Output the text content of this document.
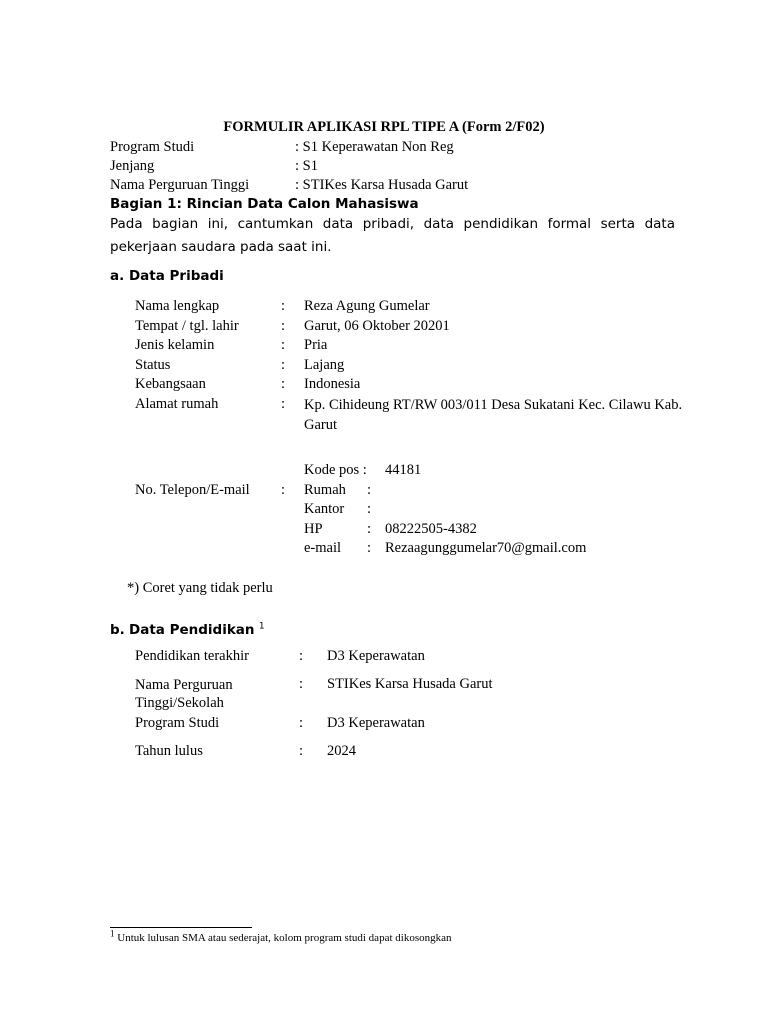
FORMULIR APLIKASI RPL TIPE A (Form 2/F02)
Program Studi	: S1 Keperawatan Non Reg
Jenjang	: S1
Nama Perguruan Tinggi	: STIKes Karsa Husada Garut
Bagian 1: Rincian Data Calon Mahasiswa
Pada bagian ini, cantumkan data pribadi, data pendidikan formal serta data pekerjaan saudara pada saat ini.
a. Data Pribadi
Nama lengkap	: Reza Agung Gumelar
Tempat / tgl. lahir	: Garut, 06 Oktober 20201
Jenis kelamin	: Pria
Status	: Lajang
Kebangsaan	: Indonesia
Alamat rumah	: Kp. Cihideung RT/RW 003/011 Desa Sukatani Kec. Cilawu Kab. Garut
Kode pos : 44181
No. Telepon/E-mail : Rumah :
Kantor :
HP	: 08222505-4382
e-mail : Rezaagunggumelar70@gmail.com
*) Coret yang tidak perlu
b. Data Pendidikan $^1$
Pendidikan terakhir	: D3 Keperawatan
Nama Perguruan Tinggi/Sekolah
: STIKes Karsa Husada Garut
Program Studi	: D3 Keperawatan
Tahun lulus	: 2024
$^1$ Untuk lulusan SMA atau sederajat, kolom program studi dapat dikosongkan
